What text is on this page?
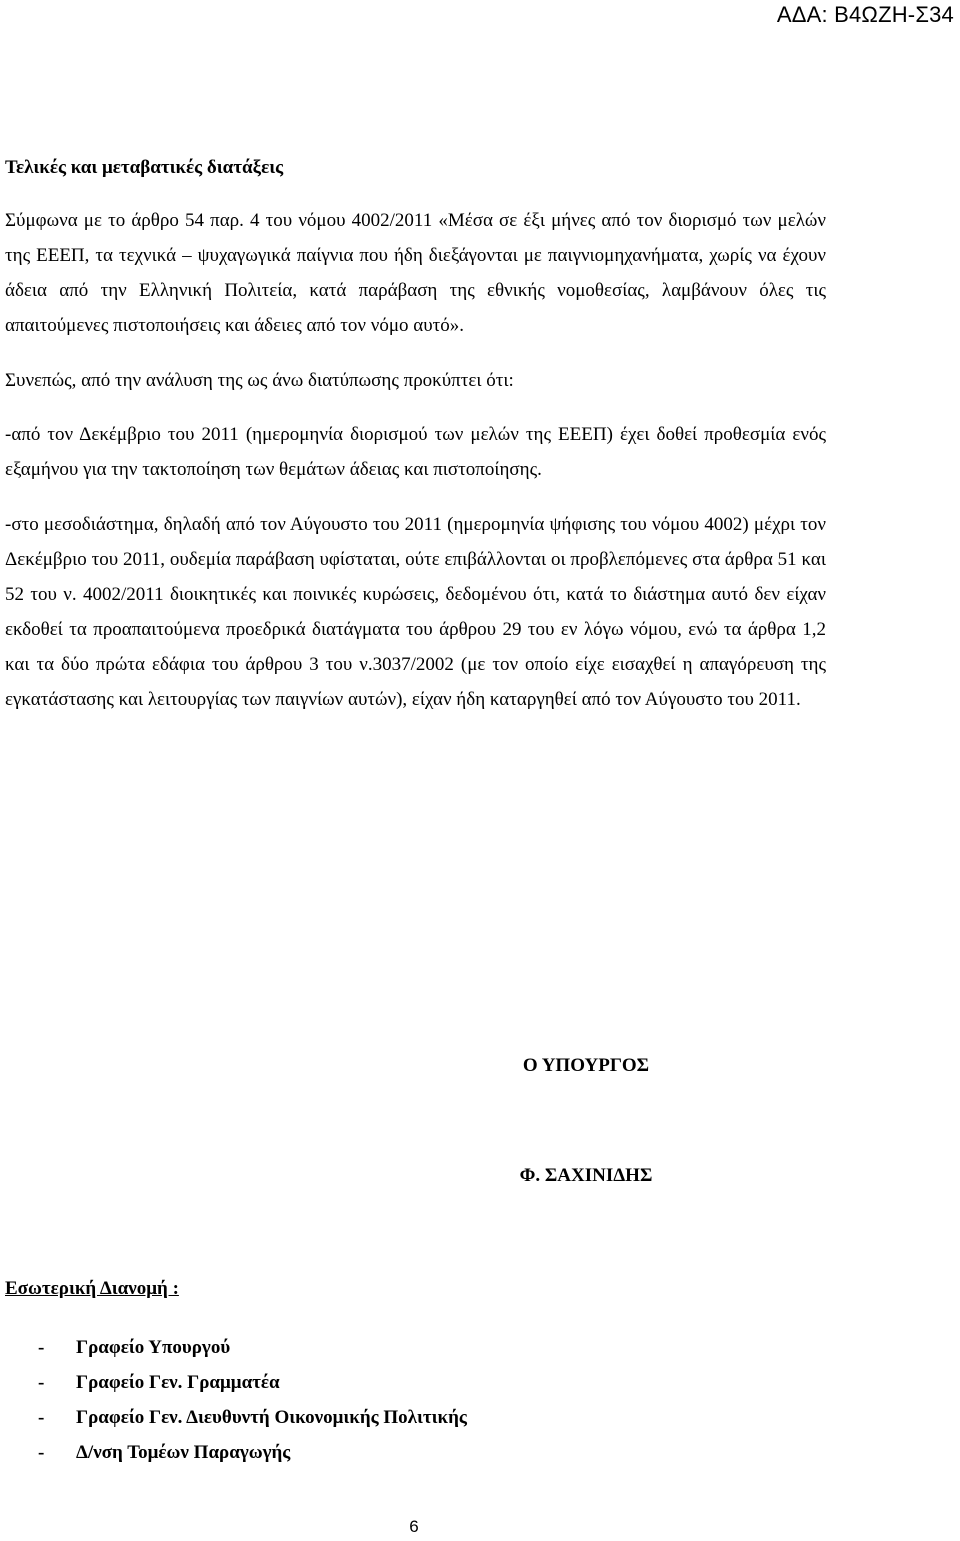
ΑΔΑ: Β4ΩΖΗ-Σ34

Τελικές και μεταβατικές διατάξεις

Σύμφωνα με το άρθρο 54 παρ. 4 του νόμου 4002/2011 «Μέσα σε έξι μήνες από τον διορισμό των μελών της ΕΕΕΠ, τα τεχνικά – ψυχαγωγικά παίγνια που ήδη διεξάγονται με παιγνιομηχανήματα, χωρίς να έχουν άδεια από την Ελληνική Πολιτεία, κατά παράβαση της εθνικής νομοθεσίας, λαμβάνουν όλες τις απαιτούμενες πιστοποιήσεις και άδειες από τον νόμο αυτό».

Συνεπώς, από την ανάλυση της ως άνω διατύπωσης προκύπτει ότι:

-από τον Δεκέμβριο του 2011 (ημερομηνία διορισμού των μελών της ΕΕΕΠ) έχει δοθεί προθεσμία ενός εξαμήνου για την τακτοποίηση των θεμάτων άδειας και πιστοποίησης.

-στο μεσοδιάστημα, δηλαδή από τον Αύγουστο του 2011 (ημερομηνία ψήφισης του νόμου 4002) μέχρι τον Δεκέμβριο του 2011, ουδεμία παράβαση υφίσταται, ούτε επιβάλλονται οι προβλεπόμενες στα άρθρα 51 και 52 του ν. 4002/2011 διοικητικές και ποινικές κυρώσεις, δεδομένου ότι, κατά το διάστημα αυτό δεν είχαν εκδοθεί τα προαπαιτούμενα προεδρικά διατάγματα του άρθρου 29 του εν λόγω νόμου, ενώ τα άρθρα 1,2 και τα δύο πρώτα εδάφια του άρθρου 3 του ν.3037/2002 (με τον οποίο είχε εισαχθεί η απαγόρευση της εγκατάστασης και λειτουργίας των παιγνίων αυτών), είχαν ήδη καταργηθεί από τον Αύγουστο του 2011.

Ο ΥΠΟΥΡΓΟΣ
Φ. ΣΑΧΙΝΙΔΗΣ
Εσωτερική Διανομή :
- Γραφείο Υπουργού
- Γραφείο Γεν. Γραμματέα
- Γραφείο Γεν. Διευθυντή Οικονομικής Πολιτικής
- Δ/νση Τομέων Παραγωγής
6
